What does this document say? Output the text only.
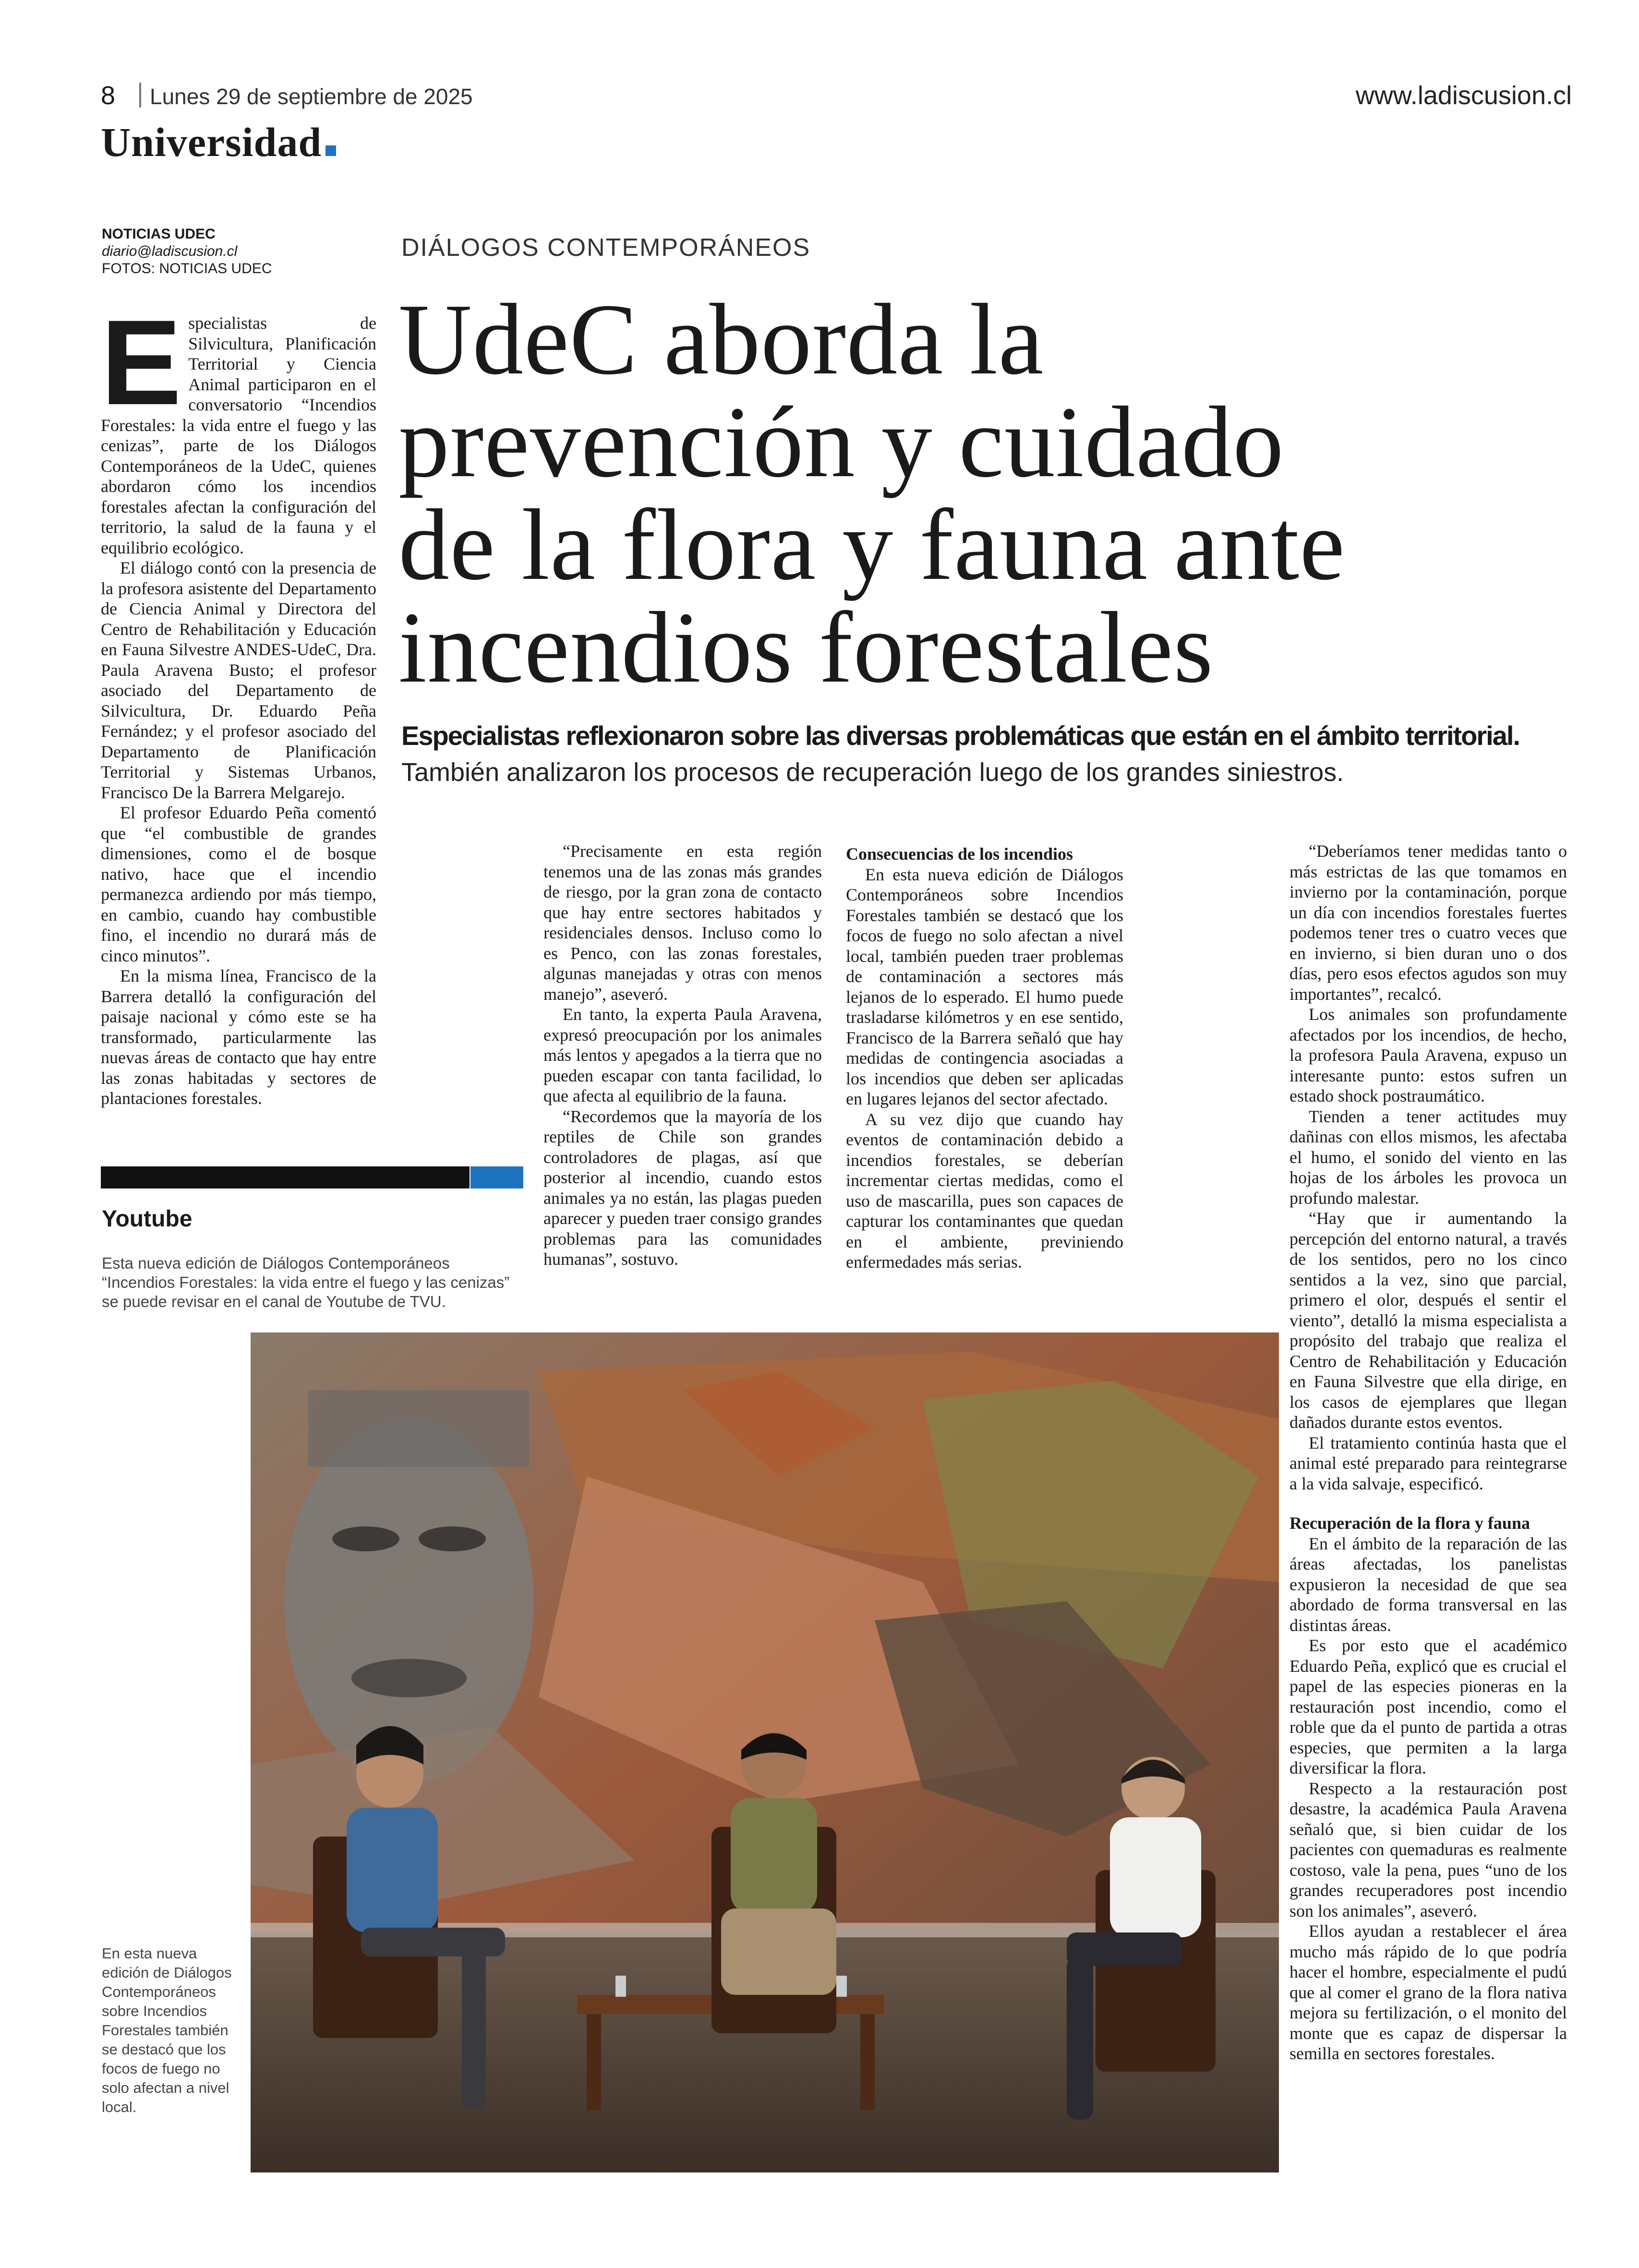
8 Lunes 29 de septiembre de 2025	www.ladiscusion.cl
Universidad
NOTICIAS UDEC
diario@ladiscusion.cl
FOTOS: NOTICIAS UDEC
DIÁLOGOS CONTEMPORÁNEOS
UdeC aborda la
prevención y cuidado
de la flora y fauna ante
incendios forestales
Especialistas reflexionaron sobre las diversas problemáticas que están en el ámbito territorial.
También analizaron los procesos de recuperación luego de los grandes siniestros.
E specialistas de Silvicultura, Planificación Territorial y Ciencia Animal participaron en el conversatorio “Incendios Forestales: la vida entre el fuego y las cenizas”, parte de los Diálogos Contemporáneos de la UdeC, quienes abordaron cómo los incendios forestales afectan la configuración del territorio, la salud de la fauna y el equilibrio ecológico.

El diálogo contó con la presencia de la profesora asistente del Departamento de Ciencia Animal y Directora del Centro de Rehabilitación y Educación en Fauna Silvestre ANDES-UdeC, Dra. Paula Aravena Busto; el profesor asociado del Departamento de Silvicultura, Dr. Eduardo Peña Fernández; y el profesor asociado del Departamento de Planificación Territorial y Sistemas Urbanos, Francisco De la Barrera Melgarejo.

El profesor Eduardo Peña comentó que “el combustible de grandes dimensiones, como el de bosque nativo, hace que el incendio permanezca ardiendo por más tiempo, en cambio, cuando hay combustible fino, el incendio no durará más de cinco minutos”.

En la misma línea, Francisco de la Barrera detalló la configuración del paisaje nacional y cómo este se ha transformado, particularmente las nuevas áreas de contacto que hay entre las zonas habitadas y sectores de plantaciones forestales.

Youtube
Esta nueva edición de Diálogos Contemporáneos “Incendios Forestales: la vida entre el fuego y las cenizas” se puede revisar en el canal de Youtube de TVU.

“Precisamente en esta región tenemos una de las zonas más grandes de riesgo, por la gran zona de contacto que hay entre sectores habitados y residenciales densos. Incluso como lo es Penco, con las zonas forestales, algunas manejadas y otras con menos manejo”, aseveró.

En tanto, la experta Paula Aravena, expresó preocupación por los animales más lentos y apegados a la tierra que no pueden escapar con tanta facilidad, lo que afecta al equilibrio de la fauna.

“Recordemos que la mayoría de los reptiles de Chile son grandes controladores de plagas, así que posterior al incendio, cuando estos animales ya no están, las plagas pueden aparecer y pueden traer consigo grandes problemas para las comunidades humanas”, sostuvo.

Consecuencias de los incendios

En esta nueva edición de Diálogos Contemporáneos sobre Incendios Forestales también se destacó que los focos de fuego no solo afectan a nivel local, también pueden traer problemas de contaminación a sectores más lejanos de lo esperado. El humo puede trasladarse kilómetros y en ese sentido, Francisco de la Barrera señaló que hay medidas de contingencia asociadas a los incendios que deben ser aplicadas en lugares lejanos del sector afectado.

A su vez dijo que cuando hay eventos de contaminación debido a incendios forestales, se deberían incrementar ciertas medidas, como el uso de mascarilla, pues son capaces de capturar los contaminantes que quedan en el ambiente, previniendo enfermedades más serias.

“Deberíamos tener medidas tanto o más estrictas de las que tomamos en invierno por la contaminación, porque un día con incendios forestales fuertes podemos tener tres o cuatro veces que en invierno, si bien duran uno o dos días, pero esos efectos agudos son muy importantes”, recalcó.

Los animales son profundamente afectados por los incendios, de hecho, la profesora Paula Aravena, expuso un interesante punto: estos sufren un estado shock postraumático.

Tienden a tener actitudes muy dañinas con ellos mismos, les afectaba el humo, el sonido del viento en las hojas de los árboles les provoca un profundo malestar.

“Hay que ir aumentando la percepción del entorno natural, a través de los sentidos, pero no los cinco sentidos a la vez, sino que parcial, primero el olor, después el sentir el viento”, detalló la misma especialista a propósito del trabajo que realiza el Centro de Rehabilitación y Educación en Fauna Silvestre que ella dirige, en los casos de ejemplares que llegan dañados durante estos eventos.

El tratamiento continúa hasta que el animal esté preparado para reintegrarse a la vida salvaje, especificó.

Recuperación de la flora y fauna

En el ámbito de la reparación de las áreas afectadas, los panelistas expusieron la necesidad de que sea abordado de forma transversal en las distintas áreas.

Es por esto que el académico Eduardo Peña, explicó que es crucial el papel de las especies pioneras en la restauración post incendio, como el roble que da el punto de partida a otras especies, que permiten a la larga diversificar la flora.

Respecto a la restauración post desastre, la académica Paula Aravena señaló que, si bien cuidar de los pacientes con quemaduras es realmente costoso, vale la pena, pues “uno de los grandes recuperadores post incendio son los animales”, aseveró.

Ellos ayudan a restablecer el área mucho más rápido de lo que podría hacer el hombre, especialmente el pudú que al comer el grano de la flora nativa mejora su fertilización, o el monito del monte que es capaz de dispersar la semilla en sectores forestales.

En esta nueva edición de Diálogos Contemporáneos sobre Incendios Forestales también se destacó que los focos de fuego no solo afectan a nivel local.
